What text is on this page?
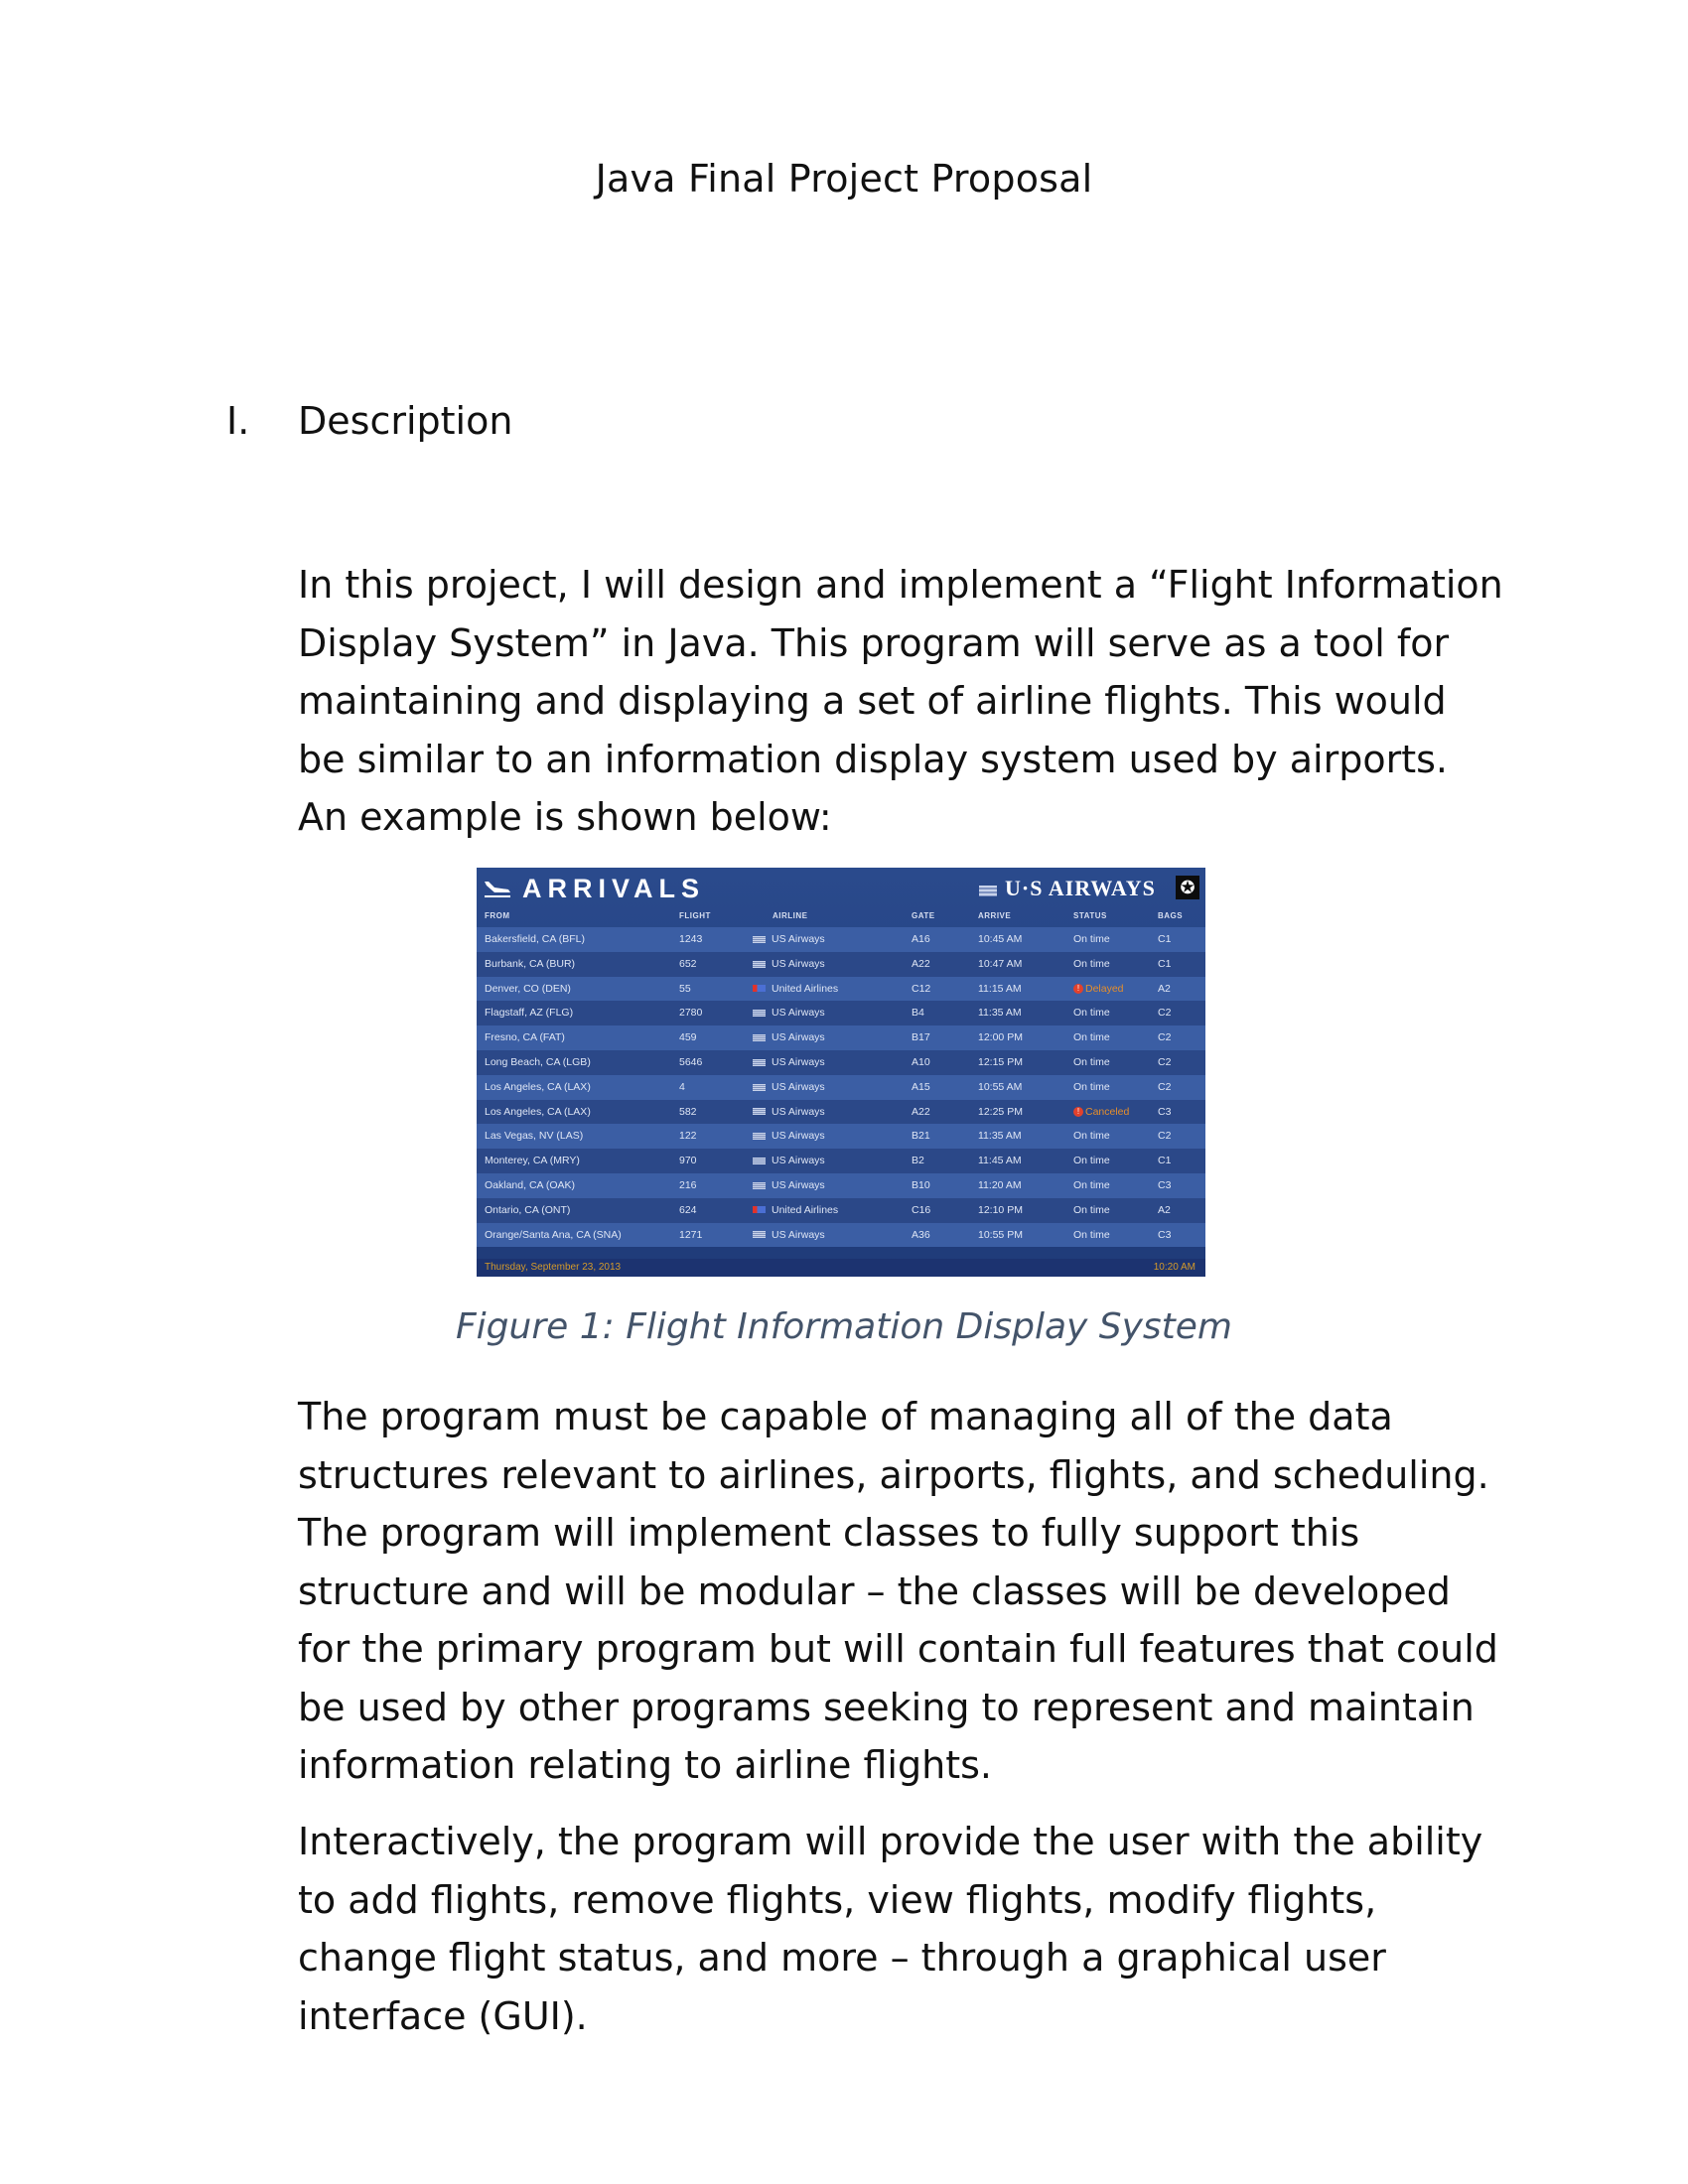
Java Final Project Proposal
I. Description
In this project, I will design and implement a “Flight Information Display System” in Java. This program will serve as a tool for maintaining and displaying a set of airline flights. This would be similar to an information display system used by airports. An example is shown below:
ARRIVALS	U·S AIRWAYS ✪
FROM	FLIGHT	AIRLINE	GATE	ARRIVE	STATUS	BAGS
Bakersfield, CA (BFL)	1243	US Airways	A16	10:45 AM	On time	C1
Burbank, CA (BUR)	652	US Airways	A22	10:47 AM	On time	C1
Denver, CO (DEN)	55	United Airlines	C12	11:15 AM	! Delayed	A2
Flagstaff, AZ (FLG)	2780	US Airways	B4	11:35 AM	On time	C2
Fresno, CA (FAT)	459	US Airways	B17	12:00 PM	On time	C2
Long Beach, CA (LGB)	5646	US Airways	A10	12:15 PM	On time	C2
Los Angeles, CA (LAX)	4	US Airways	A15	10:55 AM	On time	C2
Los Angeles, CA (LAX)	582	US Airways	A22	12:25 PM	! Canceled	C3
Las Vegas, NV (LAS)	122	US Airways	B21	11:35 AM	On time	C2
Monterey, CA (MRY)	970	US Airways	B2	11:45 AM	On time	C1
Oakland, CA (OAK)	216	US Airways	B10	11:20 AM	On time	C3
Ontario, CA (ONT)	624	United Airlines	C16	12:10 PM	On time	A2
Orange/Santa Ana, CA (SNA)	1271	US Airways	A36	10:55 PM	On time	C3
Thursday, September 23, 2013	10:20 AM
Figure 1: Flight Information Display System
The program must be capable of managing all of the data structures relevant to airlines, airports, flights, and scheduling. The program will implement classes to fully support this structure and will be modular – the classes will be developed for the primary program but will contain full features that could be used by other programs seeking to represent and maintain information relating to airline flights.
Interactively, the program will provide the user with the ability to add flights, remove flights, view flights, modify flights, change flight status, and more – through a graphical user interface (GUI).
